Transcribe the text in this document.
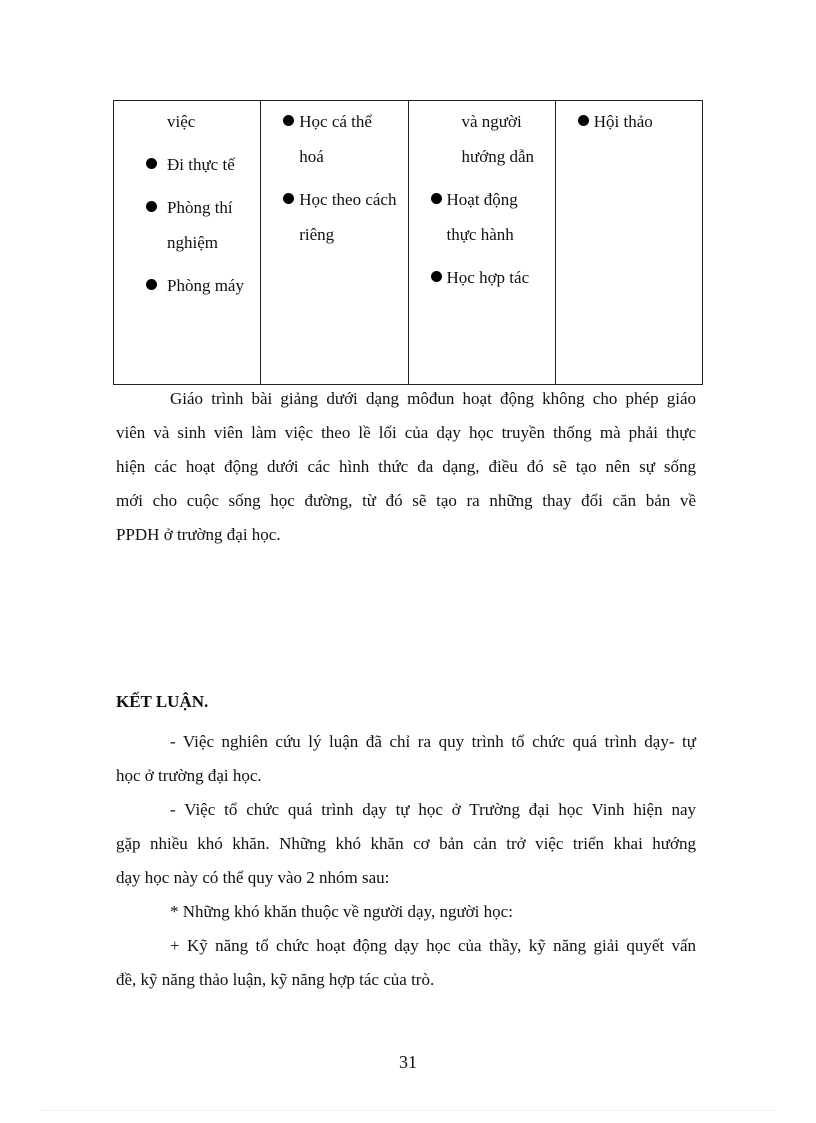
việc
Đi thực tế
Phòng thí nghiệm
Phòng máy
Học cá thể hoá
Học theo cách riêng
và người hướng dẫn
Hoạt động thực hành
Học hợp tác
Hội thảo
Giáo trình bài giảng dưới dạng môđun hoạt động không cho phép giáo
viên và sinh viên làm việc theo lề lối của dạy học truyền thống mà phải thực
hiện các hoạt động dưới các hình thức đa dạng, điều đó sẽ tạo nên sự sống
mới cho cuộc sống học đường, từ đó sẽ tạo ra những thay đổi căn bản về
PPDH ở trường đại học.
KẾT LUẬN.
- Việc nghiên cứu lý luận đã chỉ ra quy trình tổ chức quá trình dạy- tự
học ở trường đại học.
- Việc tổ chức quá trình dạy tự học ở Trường đại học Vinh hiện nay
gặp nhiều khó khăn. Những khó khăn cơ bản cản trở việc triển khai hướng
dạy học này có thể quy vào 2 nhóm sau:
* Những khó khăn thuộc về người dạy, người học:
+ Kỹ năng tổ chức hoạt động dạy học của thầy, kỹ năng giải quyết vấn
đề, kỹ năng thảo luận, kỹ năng hợp tác của trò.
31
